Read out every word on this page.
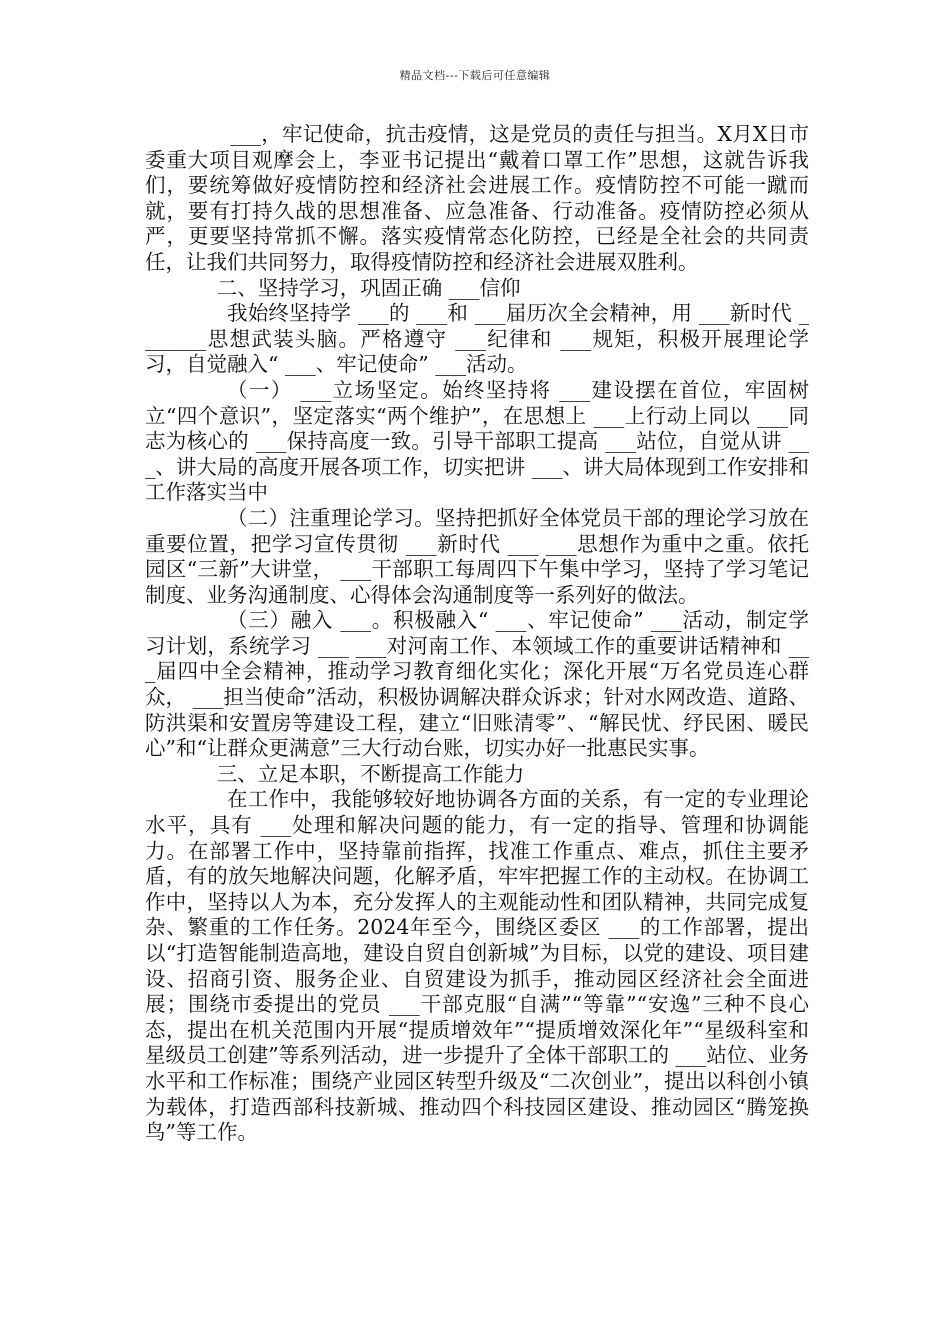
精品文档---下载后可任意编辑

___，牢记使命，抗击疫情，这是党员的责任与担当。X月X日市委重大项目观摩会上，李亚书记提出“戴着口罩工作”思想，这就告诉我们，要统筹做好疫情防控和经济社会进展工作。疫情防控不可能一蹴而就，要有打持久战的思想准备、应急准备、行动准备。疫情防控必须从严，更要坚持常抓不懈。落实疫情常态化防控，已经是全社会的共同责任，让我们共同努力，取得疫情防控和经济社会进展双胜利。

二、坚持学习，巩固正确 ___信仰

我始终坚持学 ___的 ___和 ___届历次全会精神，用 ___新时代 _______思想武装头脑。严格遵守 ___纪律和 ___规矩，积极开展理论学习，自觉融入“ ___、牢记使命” ___活动。

（一） ___立场坚定。始终坚持将 ___建设摆在首位，牢固树立“四个意识”，坚定落实“两个维护”，在思想上 ___上行动上同以 ___同志为核心的 ___保持高度一致。引导干部职工提高 ___站位，自觉从讲 ___、讲大局的高度开展各项工作，切实把讲 ___、讲大局体现到工作安排和工作落实当中

（二）注重理论学习。坚持把抓好全体党员干部的理论学习放在重要位置，把学习宣传贯彻 ___新时代 ___ ___思想作为重中之重。依托园区“三新”大讲堂， ___干部职工每周四下午集中学习，坚持了学习笔记制度、业务沟通制度、心得体会沟通制度等一系列好的做法。

（三）融入 ___。积极融入“ ___、牢记使命” ___活动，制定学习计划，系统学习 ___ ___对河南工作、本领域工作的重要讲话精神和 ___届四中全会精神，推动学习教育细化实化；深化开展“万名党员连心群众， ___担当使命”活动，积极协调解决群众诉求；针对水网改造、道路、防洪渠和安置房等建设工程，建立“旧账清零”、“解民忧、纾民困、暖民心”和“让群众更满意”三大行动台账，切实办好一批惠民实事。

三、立足本职，不断提高工作能力

在工作中，我能够较好地协调各方面的关系，有一定的专业理论水平，具有 ___处理和解决问题的能力，有一定的指导、管理和协调能力。在部署工作中，坚持靠前指挥，找准工作重点、难点，抓住主要矛盾，有的放矢地解决问题，化解矛盾，牢牢把握工作的主动权。在协调工作中，坚持以人为本，充分发挥人的主观能动性和团队精神，共同完成复杂、繁重的工作任务。2024年至今，围绕区委区 ___的工作部署，提出以“打造智能制造高地，建设自贸自创新城”为目标，以党的建设、项目建设、招商引资、服务企业、自贸建设为抓手，推动园区经济社会全面进展；围绕市委提出的党员 ___干部克服“自满”“等靠”“安逸”三种不良心态，提出在机关范围内开展“提质增效年”“提质增效深化年”“星级科室和星级员工创建”等系列活动，进一步提升了全体干部职工的 ___站位、业务水平和工作标准；围绕产业园区转型升级及“二次创业”，提出以科创小镇为载体，打造西部科技新城、推动四个科技园区建设、推动园区“腾笼换鸟”等工作。
